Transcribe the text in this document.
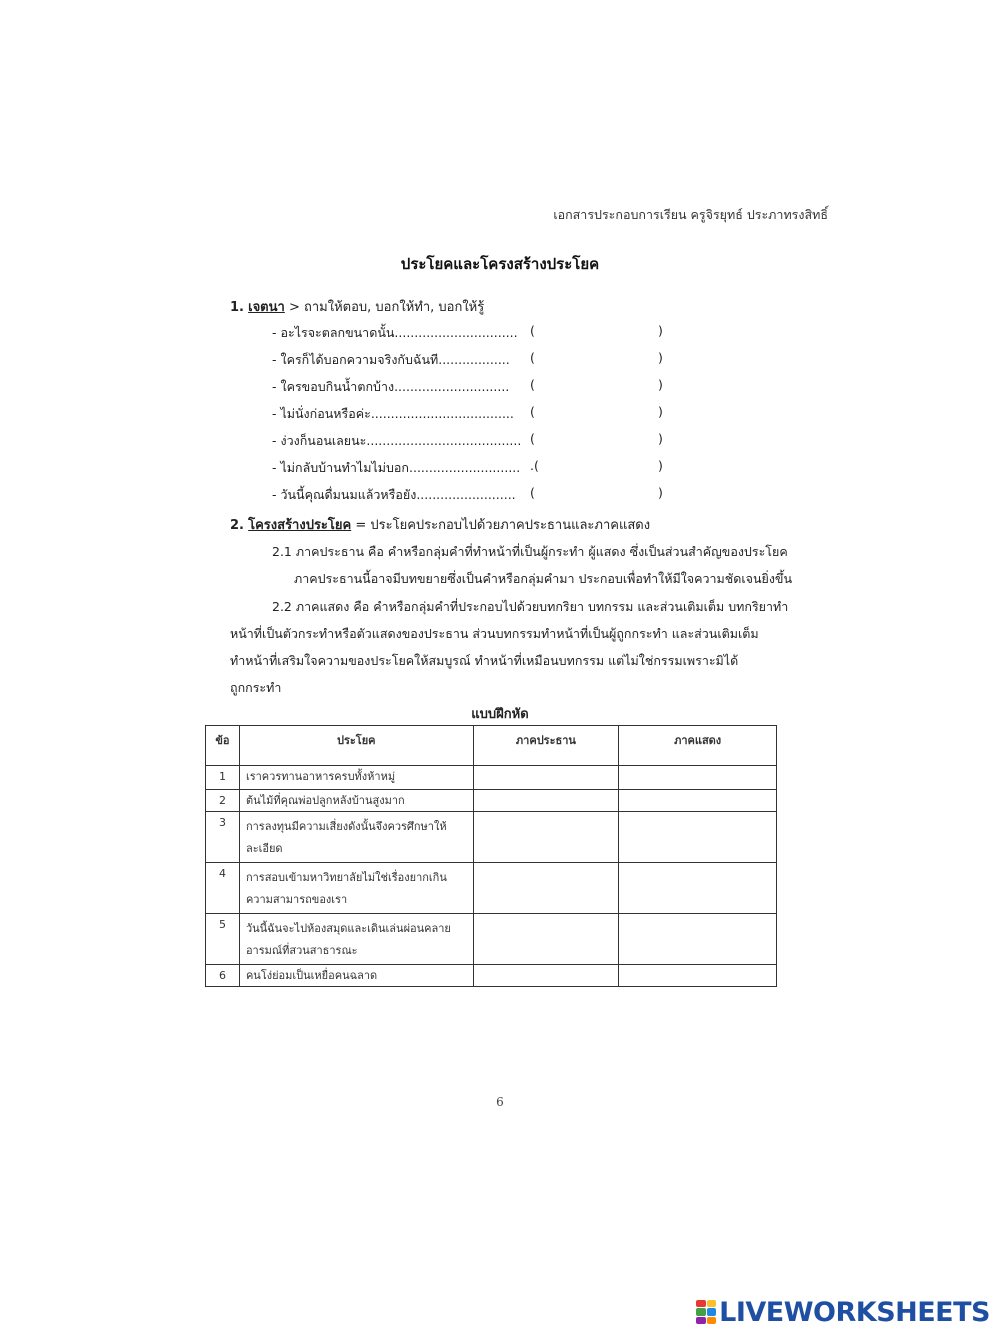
เอกสารประกอบการเรียน ครูจิรยุทธ์ ประภาทรงสิทธิ์
ประโยคและโครงสร้างประโยค
1. เจตนา > ถามให้ตอบ, บอกให้ทำ, บอกให้รู้
- อะไรจะตลกขนาดนั้น............................... (	)
- ใครก็ได้บอกความจริงกับฉันที.................. (	)
- ใครขอบกินน้ำตกบ้าง............................. (	)
- ไม่นั่งก่อนหรือค่ะ.................................... (	)
- ง่วงก็นอนเลยนะ....................................... (	)
- ไม่กลับบ้านทำไมไม่บอก............................ .(	)
- วันนี้คุณดื่มนมแล้วหรือยัง......................... (	)
2. โครงสร้างประโยค = ประโยคประกอบไปด้วยภาคประธานและภาคแสดง
2.1 ภาคประธาน คือ คำหรือกลุ่มคำที่ทำหน้าที่เป็นผู้กระทำ ผู้แสดง ซึ่งเป็นส่วนสำคัญของประโยค
ภาคประธานนี้อาจมีบทขยายซึ่งเป็นคำหรือกลุ่มคำมา ประกอบเพื่อทำให้มีใจความชัดเจนยิ่งขึ้น
2.2 ภาคแสดง คือ คำหรือกลุ่มคำที่ประกอบไปด้วยบทกริยา บทกรรม และส่วนเติมเต็ม บทกริยาทำ
หน้าที่เป็นตัวกระทำหรือตัวแสดงของประธาน ส่วนบทกรรมทำหน้าที่เป็นผู้ถูกกระทำ และส่วนเติมเต็ม
ทำหน้าที่เสริมใจความของประโยคให้สมบูรณ์ ทำหน้าที่เหมือนบทกรรม แต่ไม่ใช่กรรมเพราะมิได้
ถูกกระทำ
แบบฝึกหัด
ข้อ	ประโยค	ภาคประธาน	ภาคแสดง
1	เราควรทานอาหารครบทั้งห้าหมู่		
2	ต้นไม้ที่คุณพ่อปลูกหลังบ้านสูงมาก		
3	การลงทุนมีความเสี่ยงดังนั้นจึงควรศึกษาให้ละเอียด		
4	การสอบเข้ามหาวิทยาลัยไม่ใช่เรื่องยากเกินความสามารถของเรา		
5	วันนี้ฉันจะไปห้องสมุดและเดินเล่นผ่อนคลายอารมณ์ที่สวนสาธารณะ		
6	คนโง่ย่อมเป็นเหยื่อคนฉลาด		
6
LIVEWORKSHEETS
